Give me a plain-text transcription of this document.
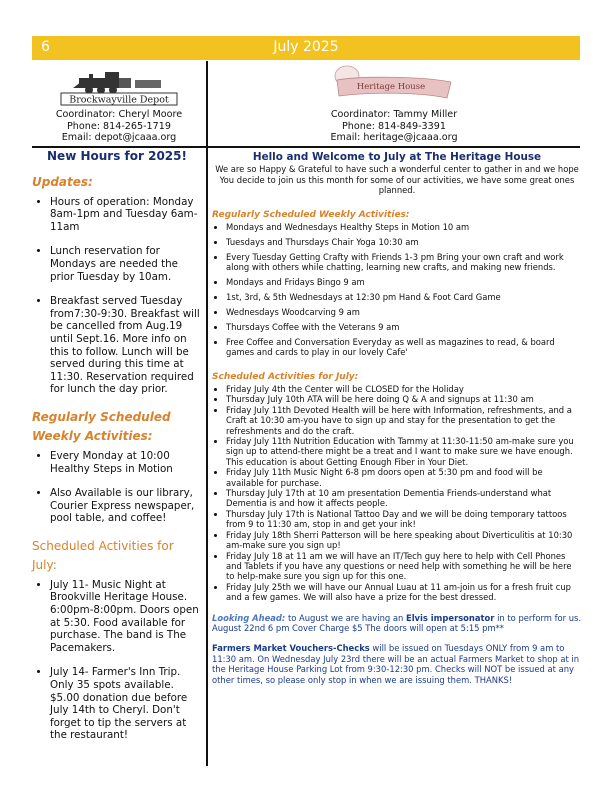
6	July 2025
Brockwayville Depot
Coordinator: Cheryl Moore
Phone: 814-265-1719
Email: depot@jcaaa.org
Heritage House
Coordinator: Tammy Miller
Phone: 814-849-3391
Email: heritage@jcaaa.org
New Hours for 2025!
Updates:
• Hours of operation: Monday 8am-1pm and Tuesday 6am-11am
• Lunch reservation for Mondays are needed the prior Tuesday by 10am.
• Breakfast served Tuesday from7:30-9:30. Breakfast will be cancelled from Aug.19 until Sept.16. More info on this to follow. Lunch will be served during this time at 11:30. Reservation required for lunch the day prior.
Regularly Scheduled Weekly Activities:
• Every Monday at 10:00 Healthy Steps in Motion
• Also Available is our library, Courier Express newspaper, pool table, and coffee!
Scheduled Activities for July:
• July 11- Music Night at Brookville Heritage House. 6:00pm-8:00pm. Doors open at 5:30. Food available for purchase. The band is The Pacemakers.
• July 14- Farmer's Inn Trip. Only 35 spots available. $5.00 donation due before July 14th to Cheryl. Don't forget to tip the servers at the restaurant!
Hello and Welcome to July at The Heritage House

We are so Happy & Grateful to have such a wonderful center to gather in and we hope You decide to join us this month for some of our activities, we have some great ones planned.

Regularly Scheduled Weekly Activities:
• Mondays and Wednesdays Healthy Steps in Motion 10 am
• Tuesdays and Thursdays Chair Yoga 10:30 am
• Every Tuesday Getting Crafty with Friends 1-3 pm Bring your own craft and work along with others while chatting, learning new crafts, and making new friends.
• Mondays and Fridays Bingo 9 am
• 1st, 3rd, & 5th Wednesdays at 12:30 pm Hand & Foot Card Game
• Wednesdays Woodcarving 9 am
• Thursdays Coffee with the Veterans 9 am
• Free Coffee and Conversation Everyday as well as magazines to read, & board games and cards to play in our lovely Cafe'
Scheduled Activities for July:
• Friday July 4th the Center will be CLOSED for the Holiday
• Thursday July 10th ATA will be here doing Q & A and signups at 11:30 am
• Friday July 11th Devoted Health will be here with Information, refreshments, and a Craft at 10:30 am-you have to sign up and stay for the presentation to get the refreshments and do the craft.
• Friday July 11th Nutrition Education with Tammy at 11:30-11:50 am-make sure you sign up to attend-there might be a treat and I want to make sure we have enough. This education is about Getting Enough Fiber in Your Diet.
• Friday July 11th Music Night 6-8 pm doors open at 5:30 pm and food will be available for purchase.
• Thursday July 17th at 10 am presentation Dementia Friends-understand what Dementia is and how it affects people.
• Thursday July 17th is National Tattoo Day and we will be doing temporary tattoos from 9 to 11:30 am, stop in and get your ink!
• Friday July 18th Sherri Patterson will be here speaking about Diverticulitis at 10:30 am-make sure you sign up!
• Friday July 18 at 11 am we will have an IT/Tech guy here to help with Cell Phones and Tablets if you have any questions or need help with something he will be here to help-make sure you sign up for this one.
• Friday July 25th we will have our Annual Luau at 11 am-join us for a fresh fruit cup and a few games. We will also have a prize for the best dressed.

Looking Ahead: to August we are having an Elvis impersonator in to perform for us. August 22nd 6 pm Cover Charge $5 The doors will open at 5:15 pm**

Farmers Market Vouchers-Checks will be issued on Tuesdays ONLY from 9 am to 11:30 am. On Wednesday July 23rd there will be an actual Farmers Market to shop at in the Heritage House Parking Lot from 9:30-12:30 pm. Checks will NOT be issued at any other times, so please only stop in when we are issuing them. THANKS!
